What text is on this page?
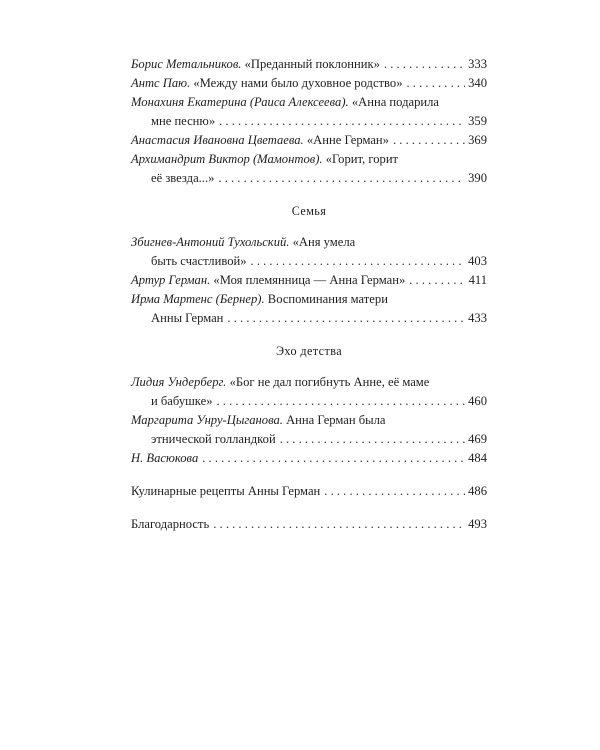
Борис Метальников. «Преданный поклонник» . . .	333
Антс Паю. «Между нами было духовное родство» . . .	340
Монахиня Екатерина (Раиса Алексеева). «Анна подарила
мне песню» . . .	359
Анастасия Ивановна Цветаева. «Анне Герман» . . .	369
Архимандрит Виктор (Мамонтов). «Горит, горит
её звезда...» . . .	390
Семья
Збигнев-Антоний Тухольский. «Аня умела
быть счастливой» . . .	403
Артур Герман. «Моя племянница — Анна Герман» . . .	411
Ирма Мартенс (Бернер). Воспоминания матери
Анны Герман . . .	433
Эхо детства
Лидия Ундерберг. «Бог не дал погибнуть Анне, её маме
и бабушке» . . .	460
Маргарита Унру-Цыганова. Анна Герман была
этнической голландкой . . .	469
Н. Васюкова . . .	484
Кулинарные рецепты Анны Герман . . .	486
Благодарность . . .	493
